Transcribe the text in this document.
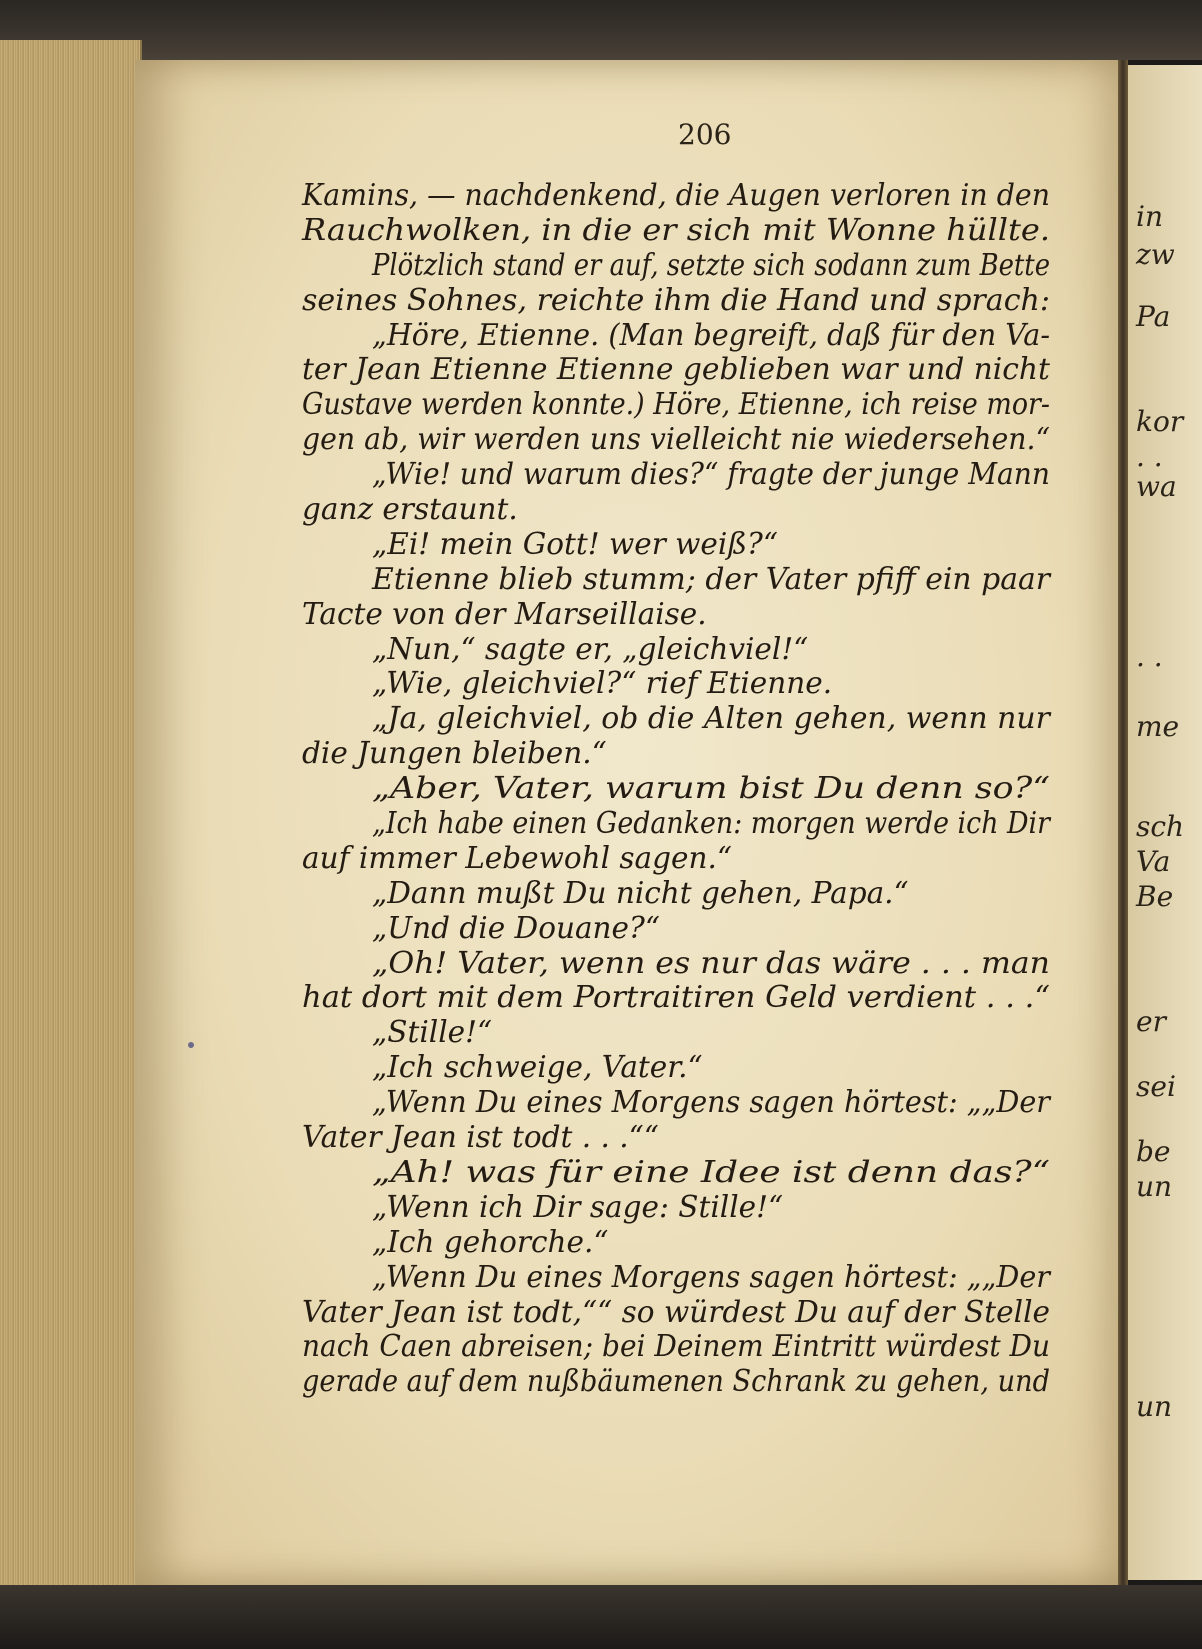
206
Kamins, — nachdenkend, die Augen verloren in den
Rauchwolken, in die er sich mit Wonne hüllte.
Plötzlich stand er auf, setzte sich sodann zum Bette
seines Sohnes, reichte ihm die Hand und sprach:
„Höre, Etienne. (Man begreift, daß für den Va-
ter Jean Etienne Etienne geblieben war und nicht
Gustave werden konnte.) Höre, Etienne, ich reise mor-
gen ab, wir werden uns vielleicht nie wiedersehen.“
„Wie! und warum dies?“ fragte der junge Mann
ganz erstaunt.
„Ei! mein Gott! wer weiß?“
Etienne blieb stumm; der Vater pfiff ein paar
Tacte von der Marseillaise.
„Nun,“ sagte er, „gleichviel!“
„Wie, gleichviel?“ rief Etienne.
„Ja, gleichviel, ob die Alten gehen, wenn nur
die Jungen bleiben.“
„Aber, Vater, warum bist Du denn so?“
„Ich habe einen Gedanken: morgen werde ich Dir
auf immer Lebewohl sagen.“
„Dann mußt Du nicht gehen, Papa.“
„Und die Douane?“
„Oh! Vater, wenn es nur das wäre . . . man
hat dort mit dem Portraitiren Geld verdient . . .“
„Stille!“
„Ich schweige, Vater.“
„Wenn Du eines Morgens sagen hörtest: „„Der
Vater Jean ist todt . . .““
„Ah! was für eine Idee ist denn das?“
„Wenn ich Dir sage: Stille!“
„Ich gehorche.“
„Wenn Du eines Morgens sagen hörtest: „„Der
Vater Jean ist todt,““ so würdest Du auf der Stelle
nach Caen abreisen; bei Deinem Eintritt würdest Du
gerade auf dem nußbäumenen Schrank zu gehen, und
in
zw
Pa
kor
. .
wa
. .
me
sch
Va
Be
er
sei
be
un
un
